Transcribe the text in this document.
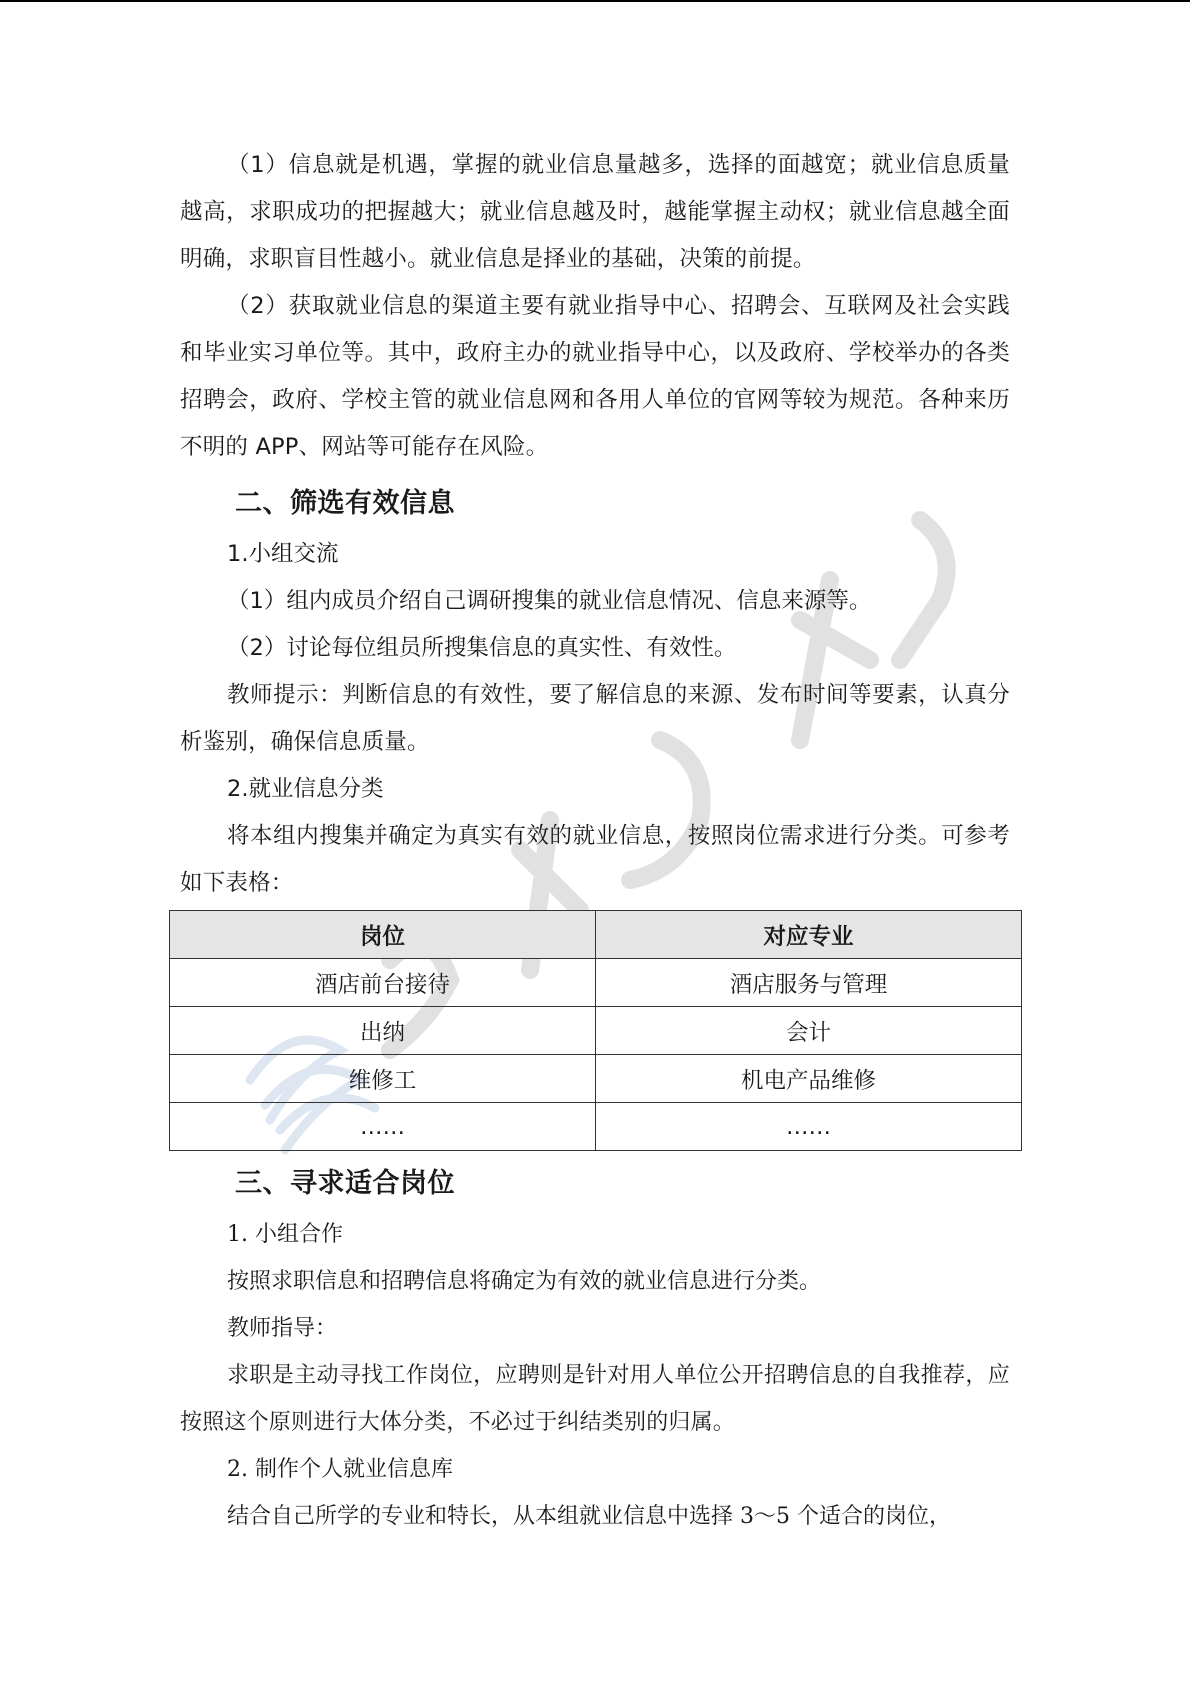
（1）信息就是机遇，掌握的就业信息量越多，选择的面越宽；就业信息质量越高，求职成功的把握越大；就业信息越及时，越能掌握主动权；就业信息越全面明确，求职盲目性越小。就业信息是择业的基础，决策的前提。

（2）获取就业信息的渠道主要有就业指导中心、招聘会、互联网及社会实践和毕业实习单位等。其中，政府主办的就业指导中心，以及政府、学校举办的各类招聘会，政府、学校主管的就业信息网和各用人单位的官网等较为规范。各种来历不明的 APP、网站等可能存在风险。

二、筛选有效信息

1.小组交流

（1）组内成员介绍自己调研搜集的就业信息情况、信息来源等。

（2）讨论每位组员所搜集信息的真实性、有效性。

教师提示：判断信息的有效性，要了解信息的来源、发布时间等要素，认真分析鉴别，确保信息质量。

2.就业信息分类

将本组内搜集并确定为真实有效的就业信息，按照岗位需求进行分类。可参考如下表格：

岗位	对应专业
酒店前台接待	酒店服务与管理
出纳	会计
维修工	机电产品维修
……	……
三、寻求适合岗位

1. 小组合作

按照求职信息和招聘信息将确定为有效的就业信息进行分类。

教师指导：

求职是主动寻找工作岗位，应聘则是针对用人单位公开招聘信息的自我推荐，应按照这个原则进行大体分类，不必过于纠结类别的归属。

2. 制作个人就业信息库

结合自己所学的专业和特长，从本组就业信息中选择 3～5 个适合的岗位，
